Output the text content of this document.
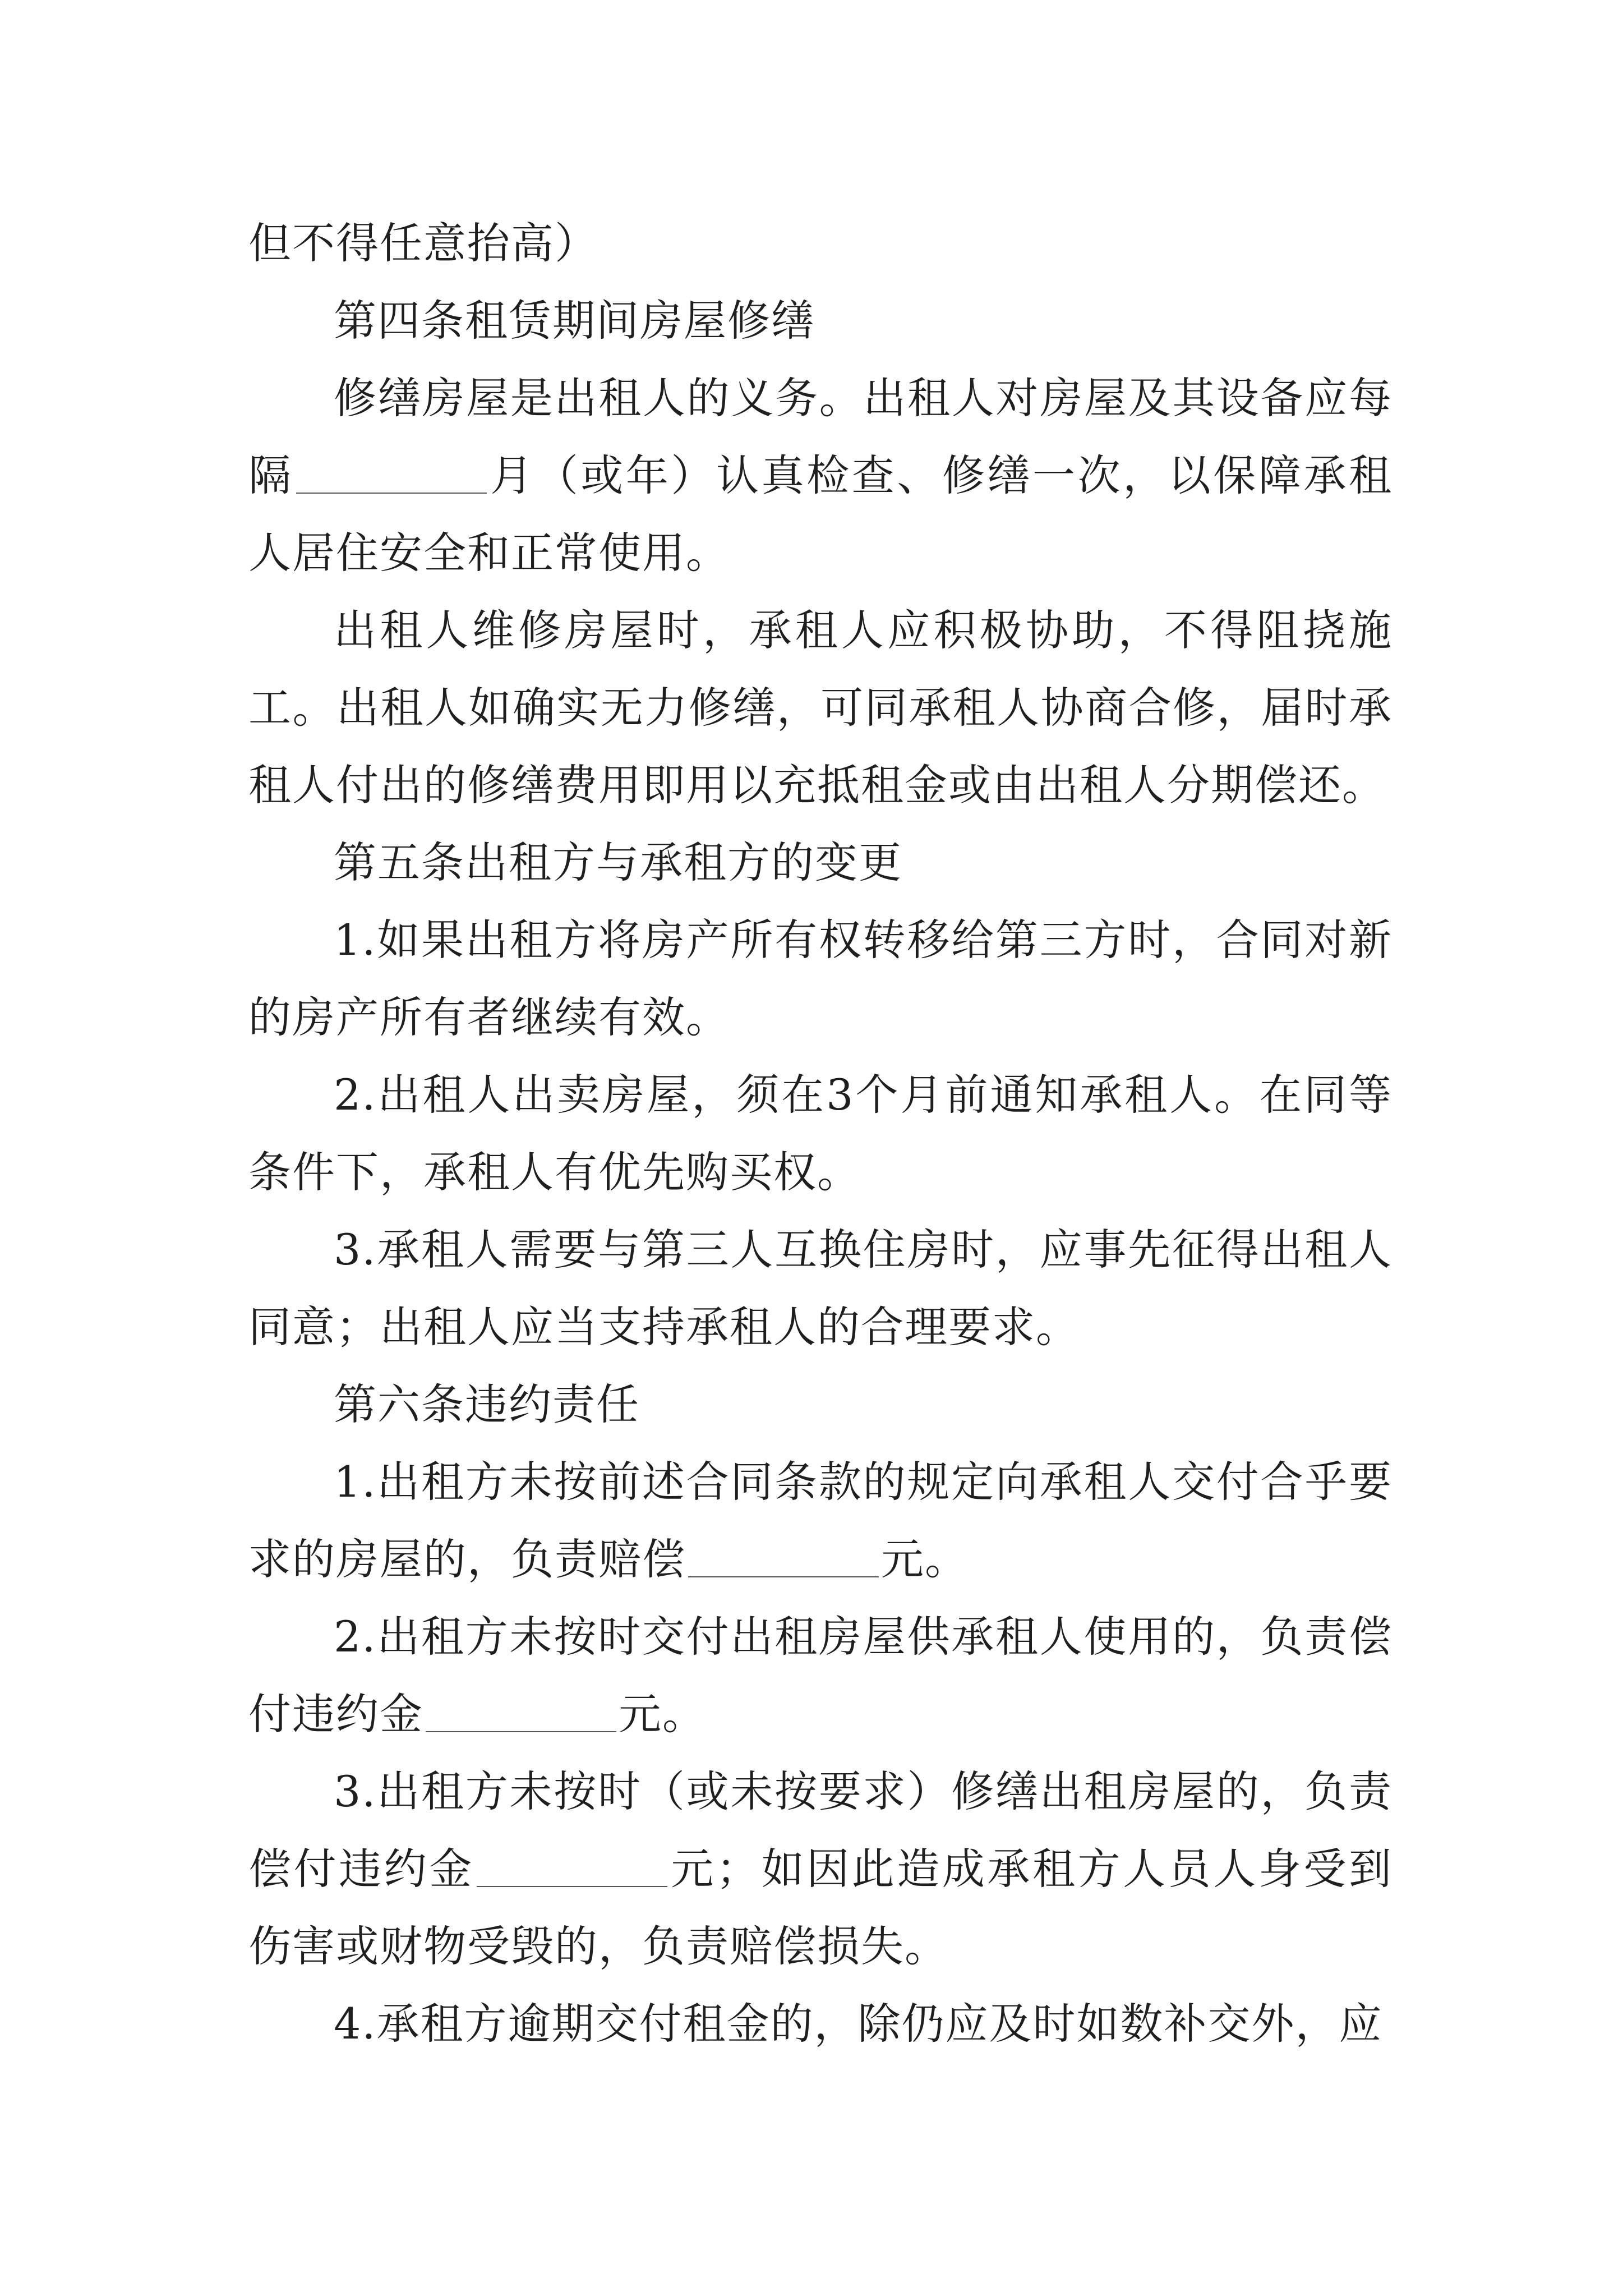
但不得任意抬高）

第四条租赁期间房屋修缮

修缮房屋是出租人的义务。出租人对房屋及其设备应每隔	月（或年）认真检查、修缮一次，以保障承租人居住安全和正常使用。

出租人维修房屋时，承租人应积极协助，不得阻挠施工。出租人如确实无力修缮，可同承租人协商合修，届时承租人付出的修缮费用即用以充抵租金或由出租人分期偿还。

第五条出租方与承租方的变更

1.如果出租方将房产所有权转移给第三方时，合同对新的房产所有者继续有效。

2.出租人出卖房屋，须在3个月前通知承租人。在同等条件下，承租人有优先购买权。

3.承租人需要与第三人互换住房时，应事先征得出租人同意；出租人应当支持承租人的合理要求。

第六条违约责任

1.出租方未按前述合同条款的规定向承租人交付合乎要求的房屋的，负责赔偿	元。

2.出租方未按时交付出租房屋供承租人使用的，负责偿付违约金	元。

3.出租方未按时（或未按要求）修缮出租房屋的，负责偿付违约金	元；如因此造成承租方人员人身受到伤害或财物受毁的，负责赔偿损失。

4.承租方逾期交付租金的，除仍应及时如数补交外，应
